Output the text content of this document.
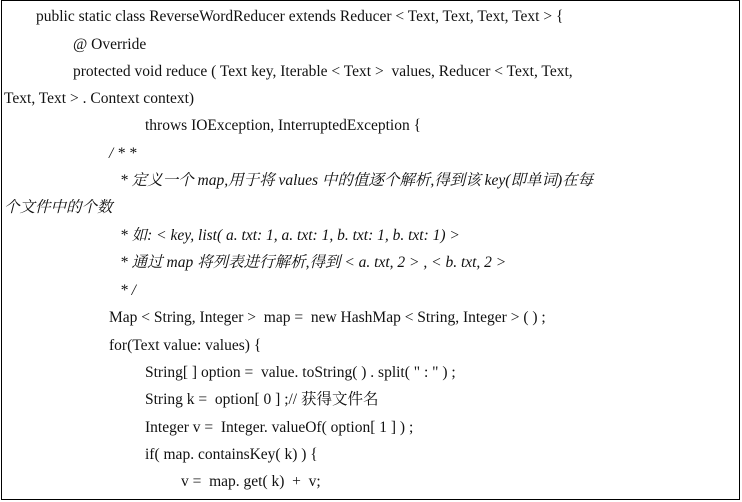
public static class ReverseWordReducer extends Reducer < Text, Text, Text, Text > {
@ Override
protected void reduce ( Text key, Iterable < Text >  values, Reducer < Text, Text,
Text, Text > . Context context)
throws IOException, InterruptedException {
/ * *
* 定义一个 map,用于将 values 中的值逐个解析,得到该 key(即单词)在每
个文件中的个数
* 如: < key, list( a. txt: 1, a. txt: 1, b. txt: 1, b. txt: 1) >
* 通过 map 将列表进行解析,得到 < a. txt, 2 > , < b. txt, 2 >
* /
Map < String, Integer >  map =  new HashMap < String, Integer > ( ) ;
for(Text value: values) {
String[ ] option =  value. toString( ) . split( " : " ) ;
String k =  option[ 0 ] ;// 获得文件名
Integer v =  Integer. valueOf( option[ 1 ] ) ;
if( map. containsKey( k) ) {
v =  map. get( k)  +  v;
